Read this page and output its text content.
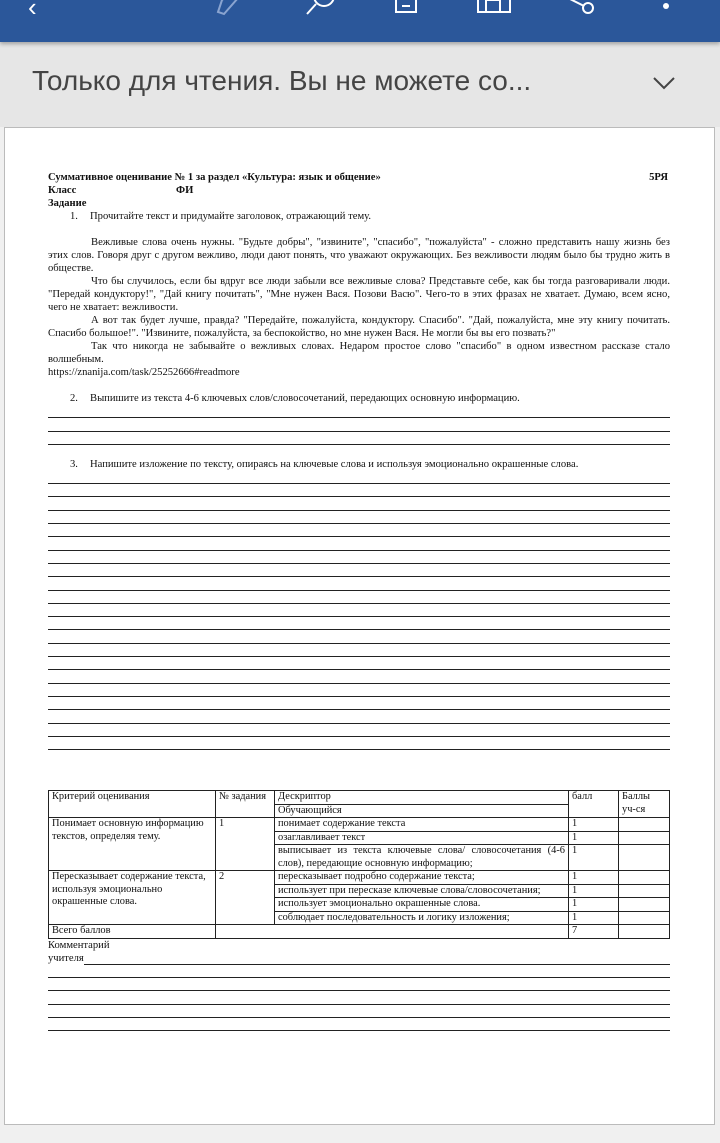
‹
Только для чтения. Вы не можете со...
Суммативное оценивание № 1 за раздел «Культура: язык и общение»	5РЯ
Класс	ФИ
Задание
1. Прочитайте текст и придумайте заголовок, отражающий тему.
Вежливые слова очень нужны. "Будьте добры", "извините", "спасибо", "пожалуйста" - сложно представить нашу жизнь без этих слов. Говоря друг с другом вежливо, люди дают понять, что уважают окружающих. Без вежливости людям было бы трудно жить в обществе.
Что бы случилось, если бы вдруг все люди забыли все вежливые слова? Представьте себе, как бы тогда разговаривали люди. "Передай кондуктору!", "Дай книгу почитать", "Мне нужен Вася. Позови Васю". Чего-то в этих фразах не хватает. Думаю, всем ясно, чего не хватает: вежливости.
А вот так будет лучше, правда? "Передайте, пожалуйста, кондуктору. Спасибо". "Дай, пожалуйста, мне эту книгу почитать. Спасибо большое!". "Извините, пожалуйста, за беспокойство, но мне нужен Вася. Не могли бы вы его позвать?"
Так что никогда не забывайте о вежливых словах. Недаром простое слово "спасибо" в одном известном рассказе стало волшебным.
https://znanija.com/task/25252666#readmore
2. Выпишите из текста 4-6 ключевых слов/словосочетаний, передающих основную информацию.
3. Напишите изложение по тексту, опираясь на ключевые слова и используя эмоционально окрашенные слова.
Критерий оценивания	№ задания	Дескриптор	балл	Баллы уч-ся
		Обучающийся		
Понимает основную информацию текстов, определяя тему.	1	понимает содержание текста	1	
		озаглавливает текст	1	
		выписывает из текста ключевые слова/ словосочетания (4-6 слов), передающие основную информацию;	1	
Пересказывает содержание текста, используя эмоционально окрашенные слова.	2	пересказывает подробно содержание текста;	1	
		использует при пересказе ключевые слова/словосочетания;	1	
		использует эмоционально окрашенные слова.	1	
		соблюдает последовательность и логику изложения;	1	
Всего баллов			7	
Комментарий
учителя
